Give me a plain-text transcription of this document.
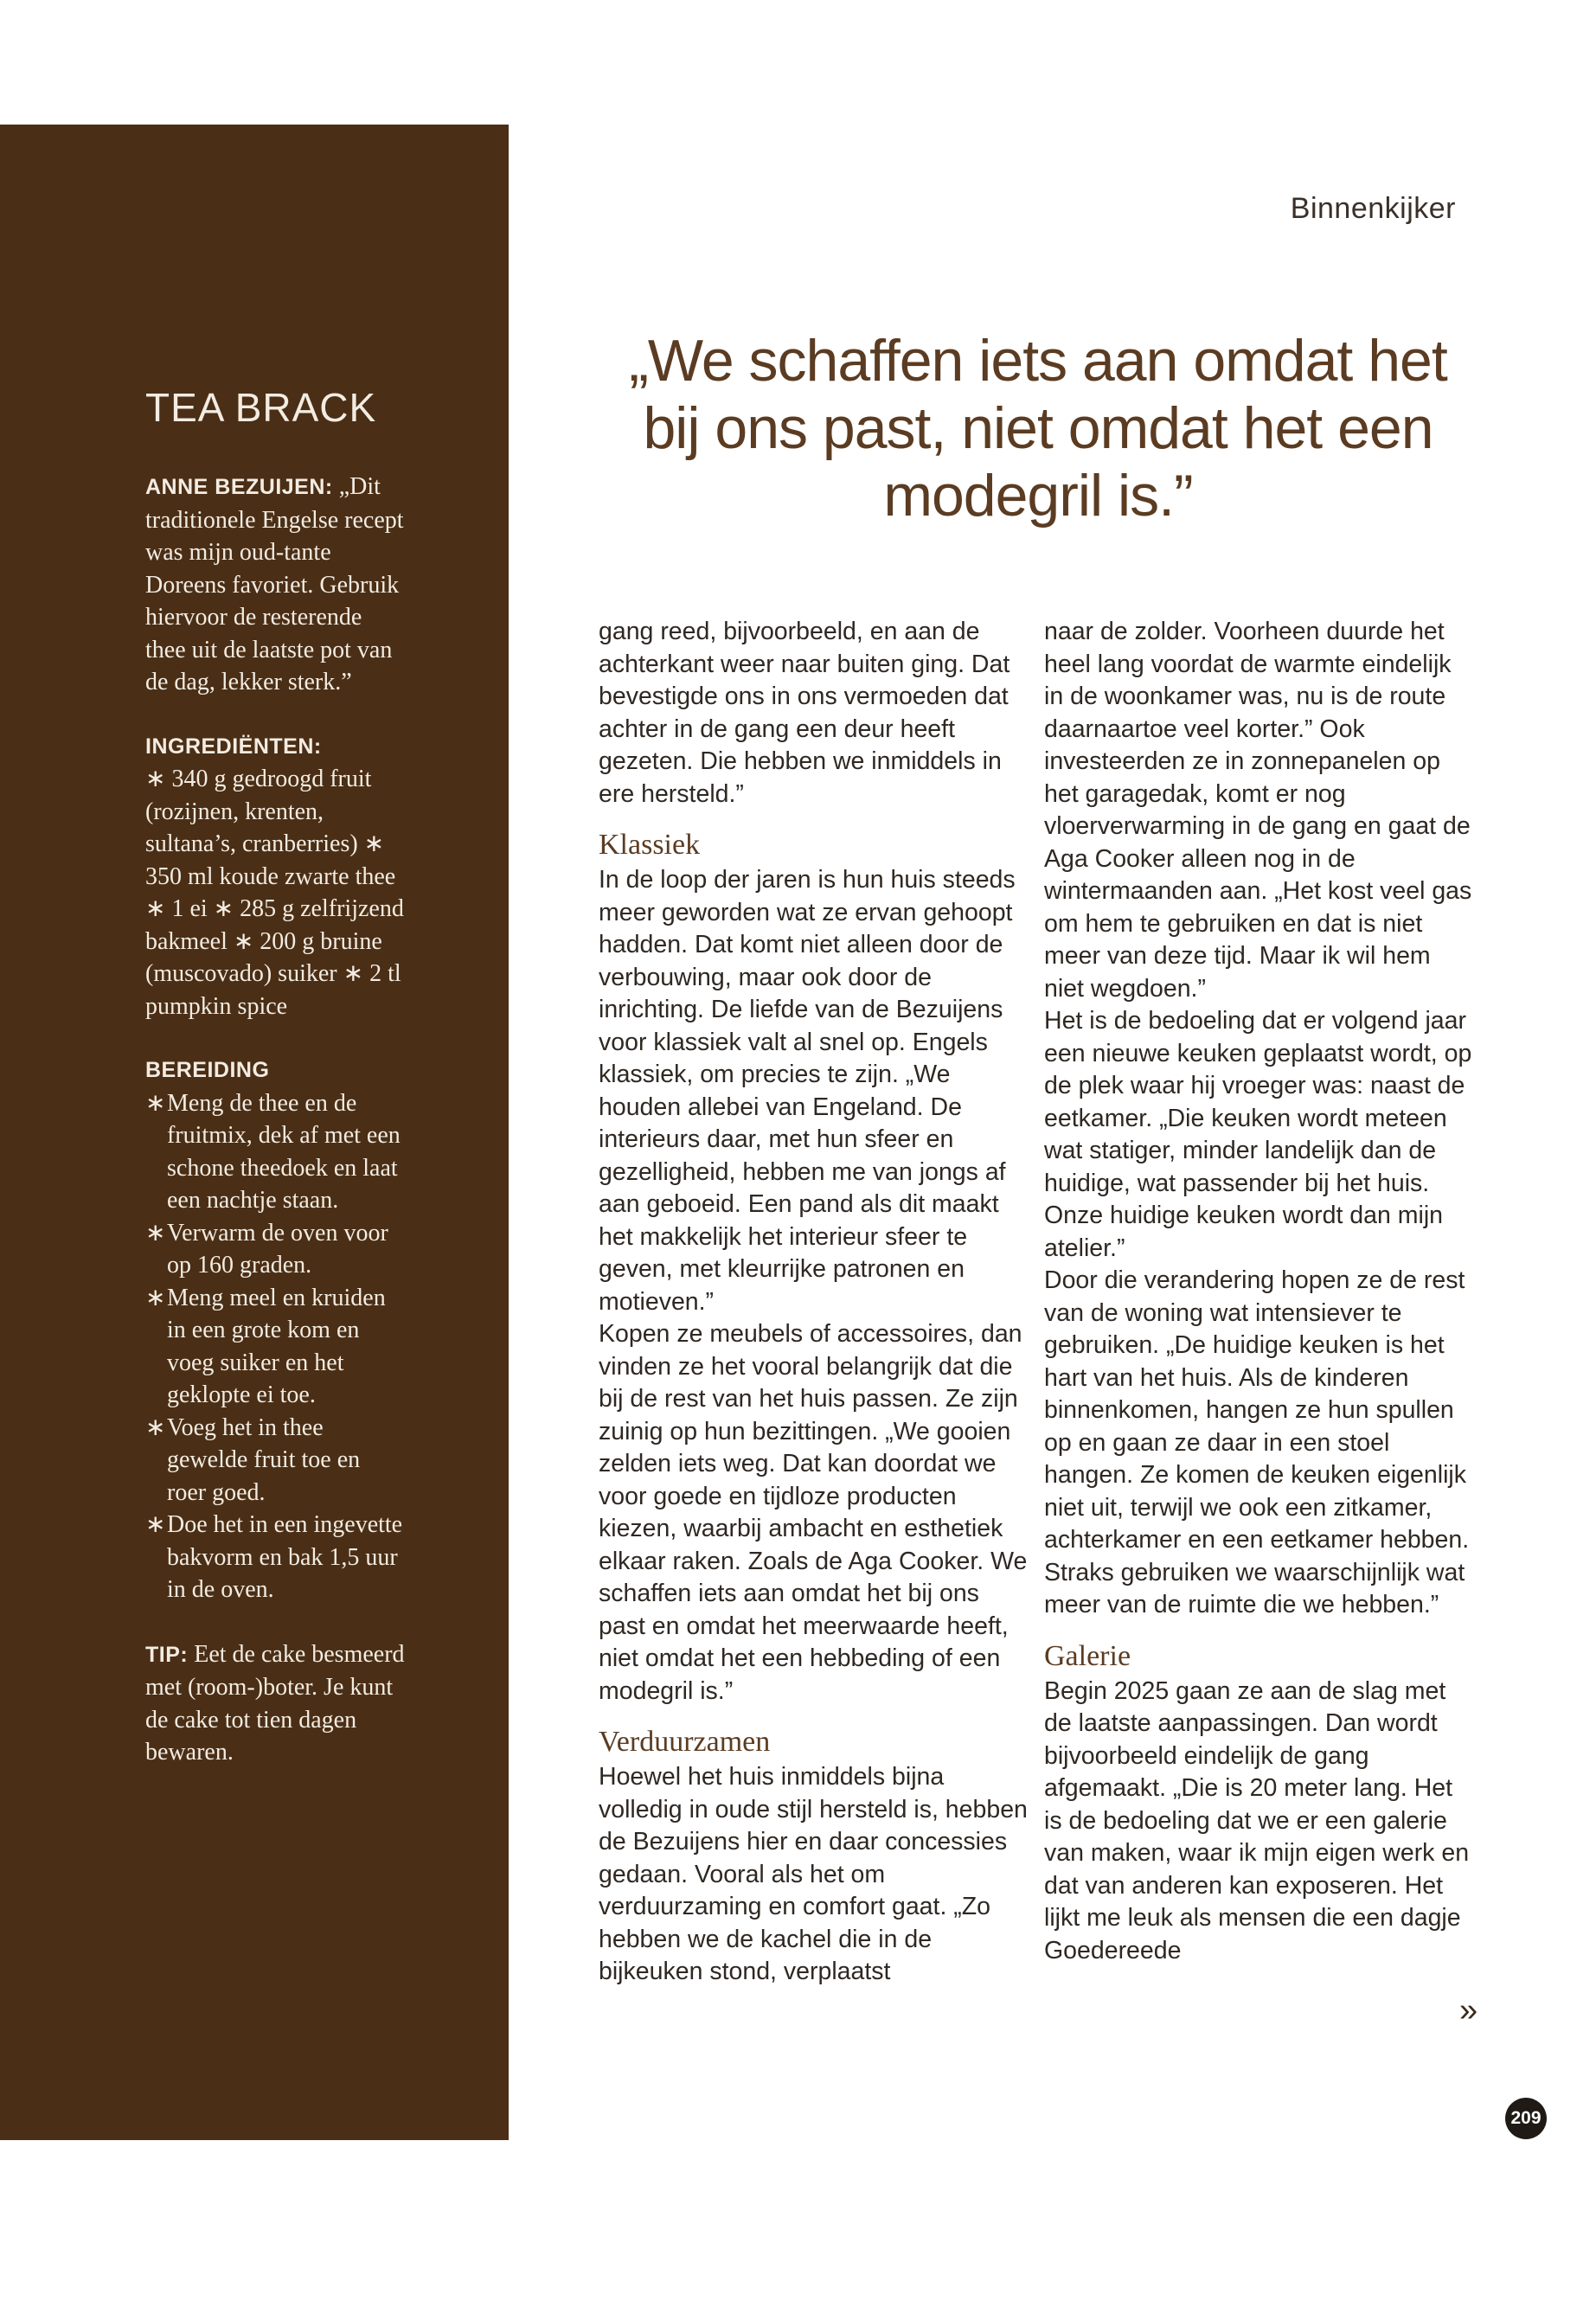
TEA BRACK

ANNE BEZUIJEN: „Dit traditionele Engelse recept was mijn oud-tante Doreens favoriet. Gebruik hiervoor de resterende thee uit de laatste pot van de dag, lekker sterk.”

INGREDIËNTEN:

∗ 340 g gedroogd fruit (rozijnen, krenten, sultana’s, cranberries) ∗ 350 ml koude zwarte thee ∗ 1 ei ∗ 285 g zelfrijzend bakmeel ∗ 200 g bruine (muscovado) suiker ∗ 2 tl pumpkin spice

BEREIDING

∗ Meng de thee en de fruitmix, dek af met een schone theedoek en laat een nachtje staan.
∗ Verwarm de oven voor op 160 graden.
∗ Meng meel en kruiden in een grote kom en voeg suiker en het geklopte ei toe.
∗ Voeg het in thee gewelde fruit toe en roer goed.
∗ Doe het in een ingevette bakvorm en bak 1,5 uur in de oven.

TIP: Eet de cake besmeerd met (room-)boter. Je kunt de cake tot tien dagen bewaren.

Binnenkijker
„We schaffen iets aan omdat het bij ons past, niet omdat het een modegril is.”

gang reed, bijvoorbeeld, en aan de achterkant weer naar buiten ging. Dat bevestigde ons in ons vermoeden dat achter in de gang een deur heeft gezeten. Die hebben we inmiddels in ere hersteld.”

Klassiek

In de loop der jaren is hun huis steeds meer geworden wat ze ervan gehoopt hadden. Dat komt niet alleen door de verbouwing, maar ook door de inrichting. De liefde van de Bezuijens voor klassiek valt al snel op. Engels klassiek, om precies te zijn. „We houden allebei van Engeland. De interieurs daar, met hun sfeer en gezelligheid, hebben me van jongs af aan geboeid. Een pand als dit maakt het makkelijk het interieur sfeer te geven, met kleurrijke patronen en motieven.”

Kopen ze meubels of accessoires, dan vinden ze het vooral belangrijk dat die bij de rest van het huis passen. Ze zijn zuinig op hun bezittingen. „We gooien zelden iets weg. Dat kan doordat we voor goede en tijdloze producten kiezen, waarbij ambacht en esthetiek elkaar raken. Zoals de Aga Cooker. We schaffen iets aan omdat het bij ons past en omdat het meerwaarde heeft, niet omdat het een hebbeding of een modegril is.”

Verduurzamen

Hoewel het huis inmiddels bijna volledig in oude stijl hersteld is, hebben de Bezuijens hier en daar concessies gedaan. Vooral als het om verduurzaming en comfort gaat. „Zo hebben we de kachel die in de bijkeuken stond, verplaatst

naar de zolder. Voorheen duurde het heel lang voordat de warmte eindelijk in de woonkamer was, nu is de route daarnaartoe veel korter.” Ook investeerden ze in zonnepanelen op het garagedak, komt er nog vloerverwarming in de gang en gaat de Aga Cooker alleen nog in de wintermaanden aan. „Het kost veel gas om hem te gebruiken en dat is niet meer van deze tijd. Maar ik wil hem niet wegdoen.”

Het is de bedoeling dat er volgend jaar een nieuwe keuken geplaatst wordt, op de plek waar hij vroeger was: naast de eetkamer. „Die keuken wordt meteen wat statiger, minder landelijk dan de huidige, wat passender bij het huis. Onze huidige keuken wordt dan mijn atelier.”

Door die verandering hopen ze de rest van de woning wat intensiever te gebruiken. „De huidige keuken is het hart van het huis. Als de kinderen binnenkomen, hangen ze hun spullen op en gaan ze daar in een stoel hangen. Ze komen de keuken eigenlijk niet uit, terwijl we ook een zitkamer, achterkamer en een eetkamer hebben. Straks gebruiken we waarschijnlijk wat meer van de ruimte die we hebben.”

Galerie

Begin 2025 gaan ze aan de slag met de laatste aanpassingen. Dan wordt bijvoorbeeld eindelijk de gang afgemaakt. „Die is 20 meter lang. Het is de bedoeling dat we er een galerie van maken, waar ik mijn eigen werk en dat van anderen kan exposeren. Het lijkt me leuk als mensen die een dagje Goedereede

»
209
